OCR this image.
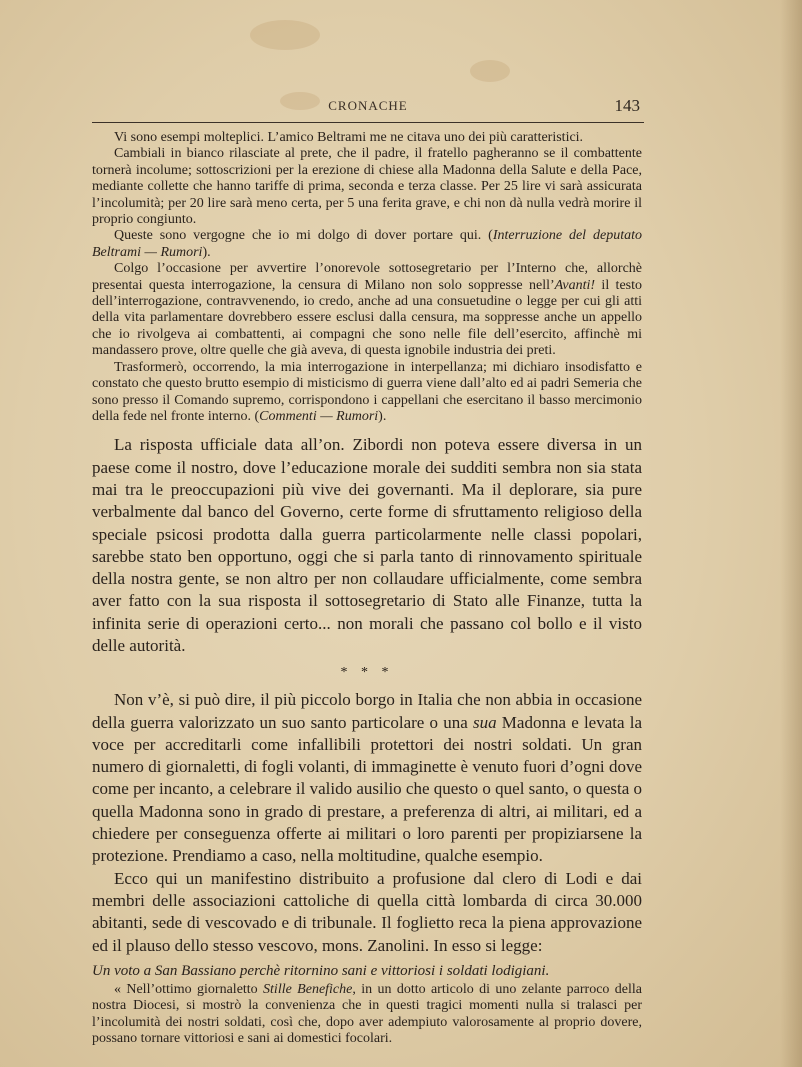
CRONACHE	143

Vi sono esempi molteplici. L’amico Beltrami me ne citava uno dei più caratteristici.

Cambiali in bianco rilasciate al prete, che il padre, il fratello pagheranno se il combattente tornerà incolume; sottoscrizioni per la erezione di chiese alla Madonna della Salute e della Pace, mediante collette che hanno tariffe di prima, seconda e terza classe. Per 25 lire vi sarà assicurata l’incolumità; per 20 lire sarà meno certa, per 5 una ferita grave, e chi non dà nulla vedrà morire il proprio congiunto.

Queste sono vergogne che io mi dolgo di dover portare qui. (Interruzione del deputato Beltrami — Rumori).

Colgo l’occasione per avvertire l’onorevole sottosegretario per l’Interno che, allorchè presentai questa interrogazione, la censura di Milano non solo soppresse nell’Avanti! il testo dell’interrogazione, contravvenendo, io credo, anche ad una consuetudine o legge per cui gli atti della vita parlamentare dovrebbero essere esclusi dalla censura, ma soppresse anche un appello che io rivolgeva ai combattenti, ai compagni che sono nelle file dell’esercito, affinchè mi mandassero prove, oltre quelle che già aveva, di questa ignobile industria dei preti.

Trasformerò, occorrendo, la mia interrogazione in interpellanza; mi dichiaro insodisfatto e constato che questo brutto esempio di misticismo di guerra viene dall’alto ed ai padri Semeria che sono presso il Comando supremo, corrispondono i cappellani che esercitano il basso mercimonio della fede nel fronte interno. (Commenti — Rumori).

La risposta ufficiale data all’on. Zibordi non poteva essere diversa in un paese come il nostro, dove l’educazione morale dei sudditi sembra non sia stata mai tra le preoccupazioni più vive dei governanti. Ma il deplorare, sia pure verbalmente dal banco del Governo, certe forme di sfruttamento religioso della speciale psicosi prodotta dalla guerra particolarmente nelle classi popolari, sarebbe stato ben opportuno, oggi che si parla tanto di rinnovamento spirituale della nostra gente, se non altro per non collaudare ufficialmente, come sembra aver fatto con la sua risposta il sottosegretario di Stato alle Finanze, tutta la infinita serie di operazioni certo... non morali che passano col bollo e il visto delle autorità.

* * *

Non v’è, si può dire, il più piccolo borgo in Italia che non abbia in occasione della guerra valorizzato un suo santo particolare o una sua Madonna e levata la voce per accreditarli come infallibili protettori dei nostri soldati. Un gran numero di giornaletti, di fogli volanti, di immaginette è venuto fuori d’ogni dove come per incanto, a celebrare il valido ausilio che questo o quel santo, o questa o quella Madonna sono in grado di prestare, a preferenza di altri, ai militari, ed a chiedere per conseguenza offerte ai militari o loro parenti per propiziarsene la protezione. Prendiamo a caso, nella moltitudine, qualche esempio.

Ecco qui un manifestino distribuito a profusione dal clero di Lodi e dai membri delle associazioni cattoliche di quella città lombarda di circa 30.000 abitanti, sede di vescovado e di tribunale. Il foglietto reca la piena approvazione ed il plauso dello stesso vescovo, mons. Zanolini. In esso si legge:

Un voto a San Bassiano perchè ritornino sani e vittoriosi i soldati lodigiani.

« Nell’ottimo giornaletto Stille Benefiche, in un dotto articolo di uno zelante parroco della nostra Diocesi, si mostrò la convenienza che in questi tragici momenti nulla si tralasci per l’incolumità dei nostri soldati, così che, dopo aver adempiuto valorosamente al proprio dovere, possano tornare vittoriosi e sani ai domestici focolari.
